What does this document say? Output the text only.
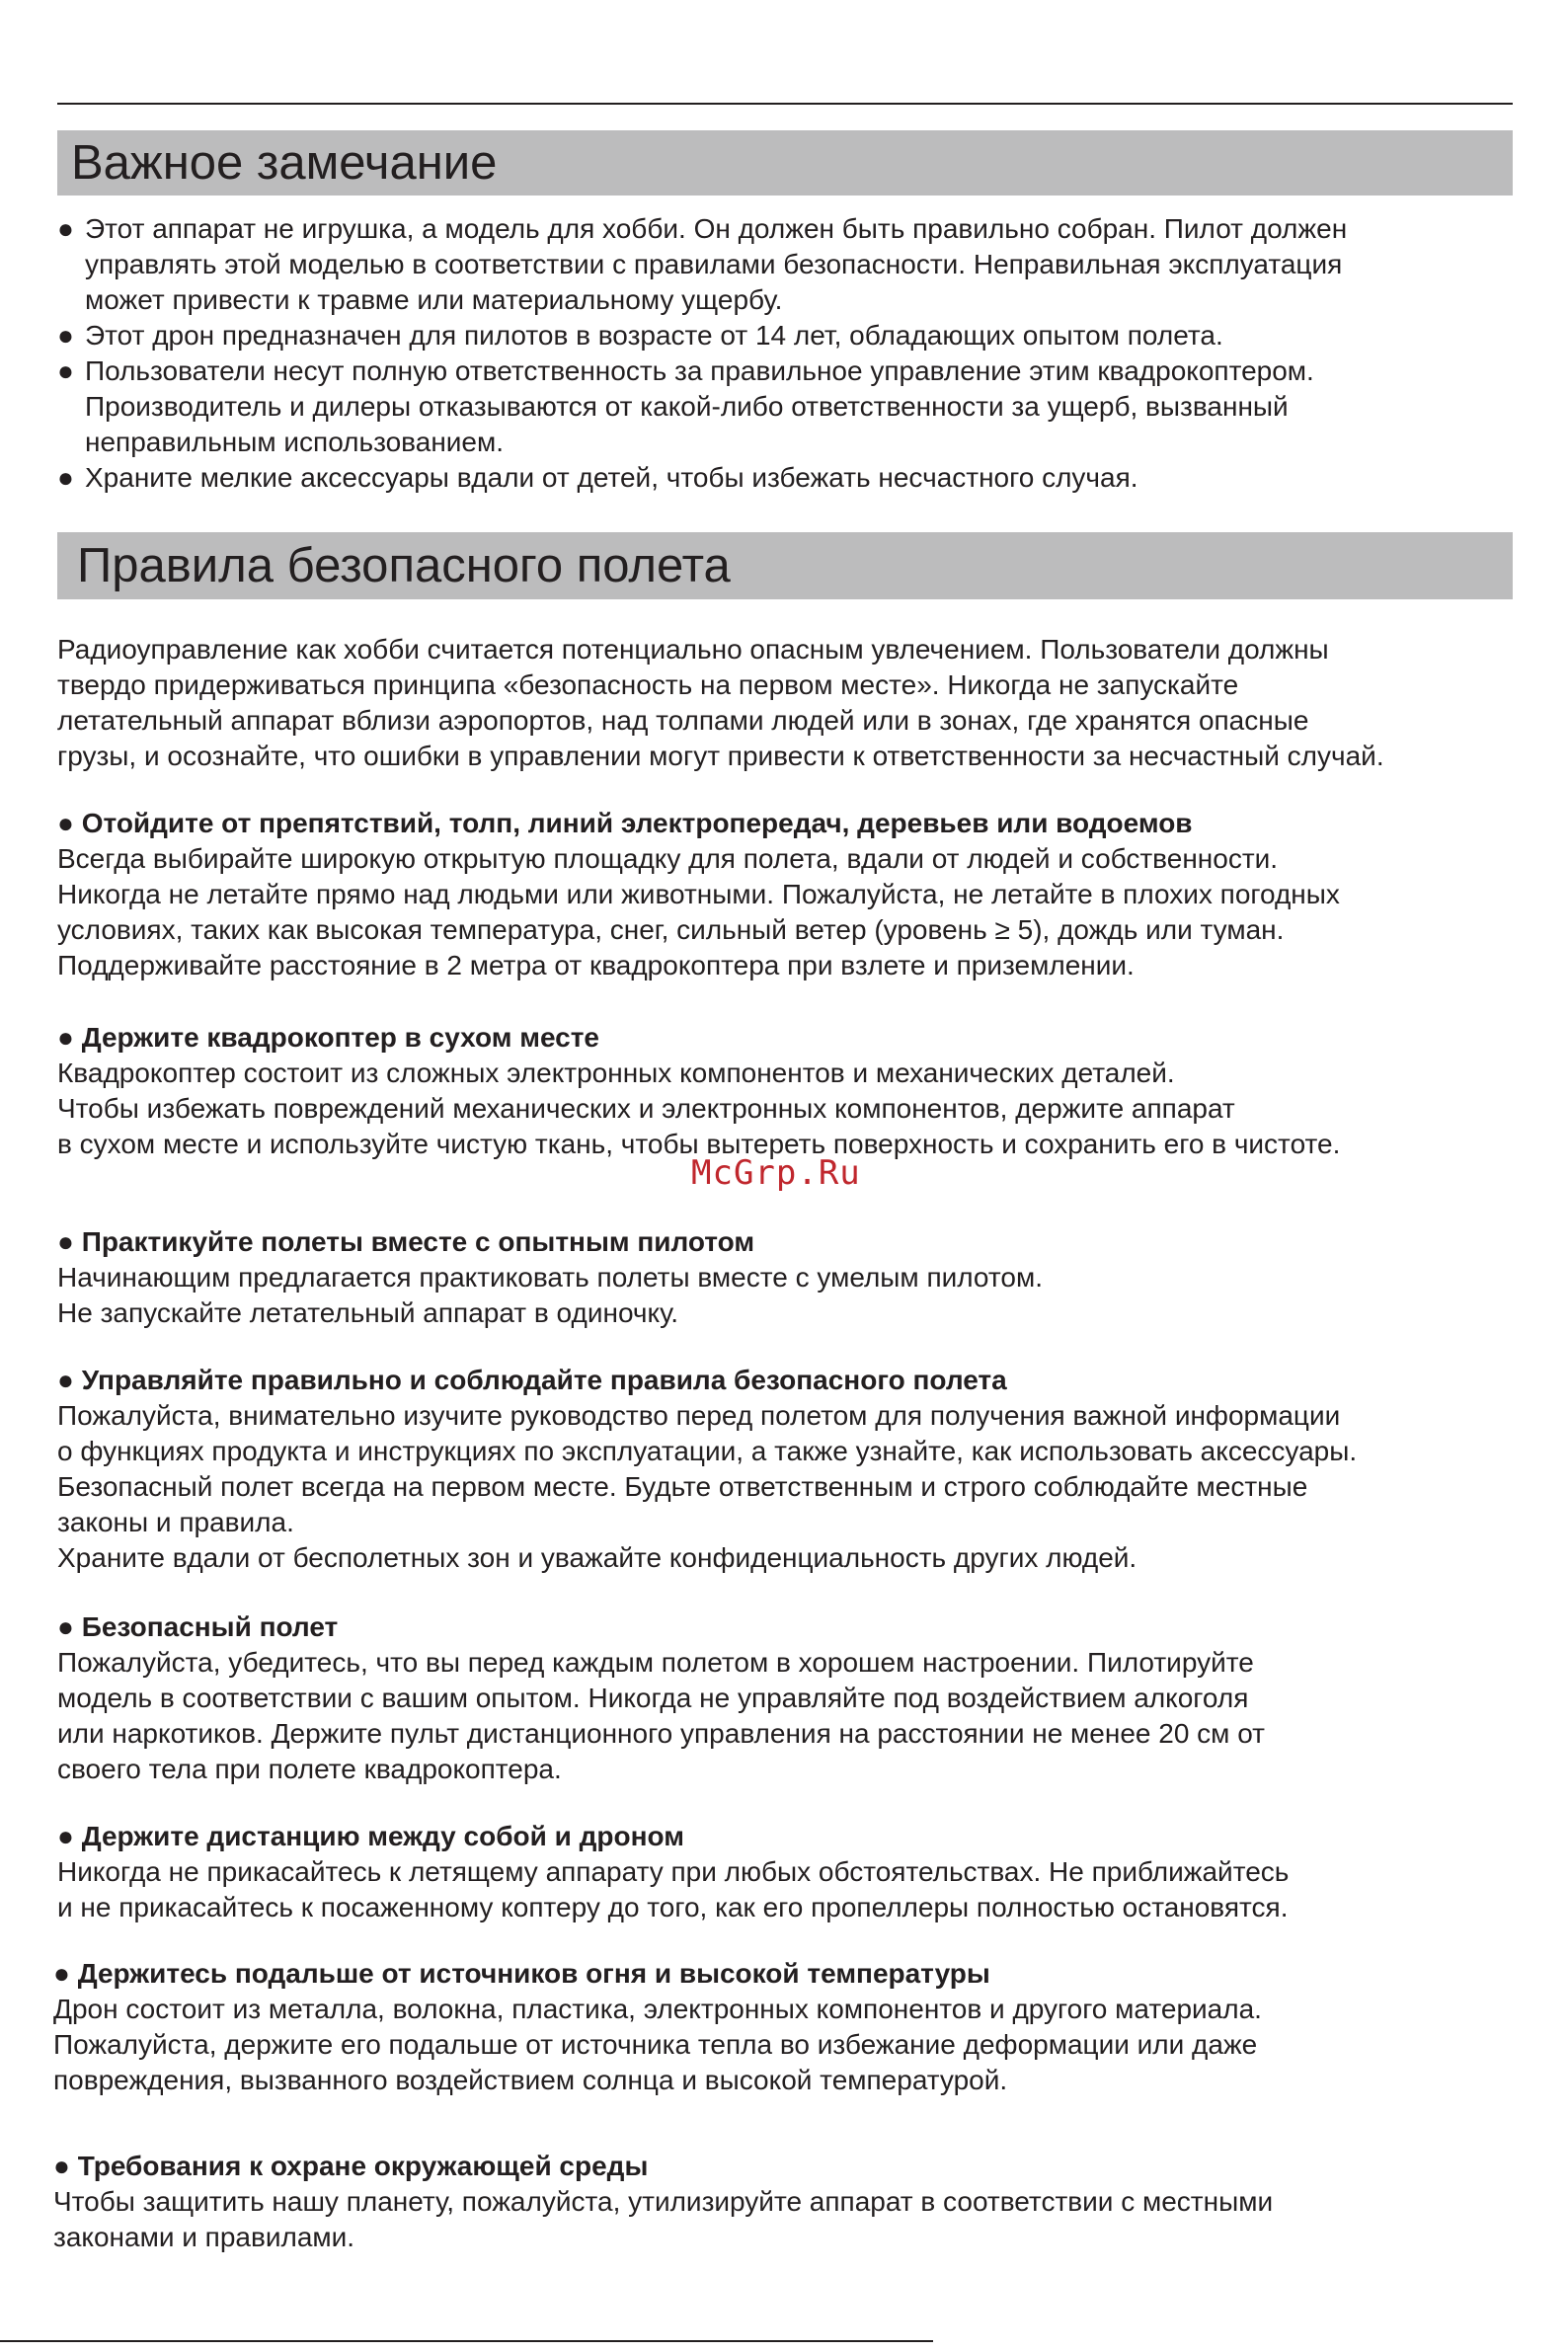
Важное замечание
● Этот аппарат не игрушка, а модель для хобби. Он должен быть правильно собран. Пилот должен
управлять этой моделью в соответствии с правилами безопасности. Неправильная эксплуатация
может привести к травме или материальному ущербу.
● Этот дрон предназначен для пилотов в возрасте от 14 лет, обладающих опытом полета.
● Пользователи несут полную ответственность за правильное управление этим квадрокоптером.
Производитель и дилеры отказываются от какой-либо ответственности за ущерб, вызванный
неправильным использованием.
● Храните мелкие аксессуары вдали от детей, чтобы избежать несчастного случая.
Правила безопасного полета
Радиоуправление как хобби считается потенциально опасным увлечением. Пользователи должны
твердо придерживаться принципа «безопасность на первом месте». Никогда не запускайте
летательный аппарат вблизи аэропортов, над толпами людей или в зонах, где хранятся опасные
грузы, и осознайте, что ошибки в управлении могут привести к ответственности за несчастный случай.
● Отойдите от препятствий, толп, линий электропередач, деревьев или водоемов
Всегда выбирайте широкую открытую площадку для полета, вдали от людей и собственности.
Никогда не летайте прямо над людьми или животными. Пожалуйста, не летайте в плохих погодных
условиях, таких как высокая температура, снег, сильный ветер (уровень ≥ 5), дождь или туман.
Поддерживайте расстояние в 2 метра от квадрокоптера при взлете и приземлении.
● Держите квадрокоптер в сухом месте
Квадрокоптер состоит из сложных электронных компонентов и механических деталей.
Чтобы избежать повреждений механических и электронных компонентов, держите аппарат
в сухом месте и используйте чистую ткань, чтобы вытереть поверхность и сохранить его в чистоте.
McGrp.Ru
● Практикуйте полеты вместе с опытным пилотом
Начинающим предлагается практиковать полеты вместе с умелым пилотом.
Не запускайте летательный аппарат в одиночку.
● Управляйте правильно и соблюдайте правила безопасного полета
Пожалуйста, внимательно изучите руководство перед полетом для получения важной информации
о функциях продукта и инструкциях по эксплуатации, а также узнайте, как использовать аксессуары.
Безопасный полет всегда на первом месте. Будьте ответственным и строго соблюдайте местные
законы и правила.
Храните вдали от бесполетных зон и уважайте конфиденциальность других людей.
● Безопасный полет
Пожалуйста, убедитесь, что вы перед каждым полетом в хорошем настроении. Пилотируйте
модель в соответствии с вашим опытом. Никогда не управляйте под воздействием алкоголя
или наркотиков. Держите пульт дистанционного управления на расстоянии не менее 20 см от
своего тела при полете квадрокоптера.
● Держите дистанцию между собой и дроном
Никогда не прикасайтесь к летящему аппарату при любых обстоятельствах. Не приближайтесь
и не прикасайтесь к посаженному коптеру до того, как его пропеллеры полностью остановятся.
● Держитесь подальше от источников огня и высокой температуры
Дрон состоит из металла, волокна, пластика, электронных компонентов и другого материала.
Пожалуйста, держите его подальше от источника тепла во избежание деформации или даже
повреждения, вызванного воздействием солнца и высокой температурой.
● Требования к охране окружающей среды
Чтобы защитить нашу планету, пожалуйста, утилизируйте аппарат в соответствии с местными
законами и правилами.
